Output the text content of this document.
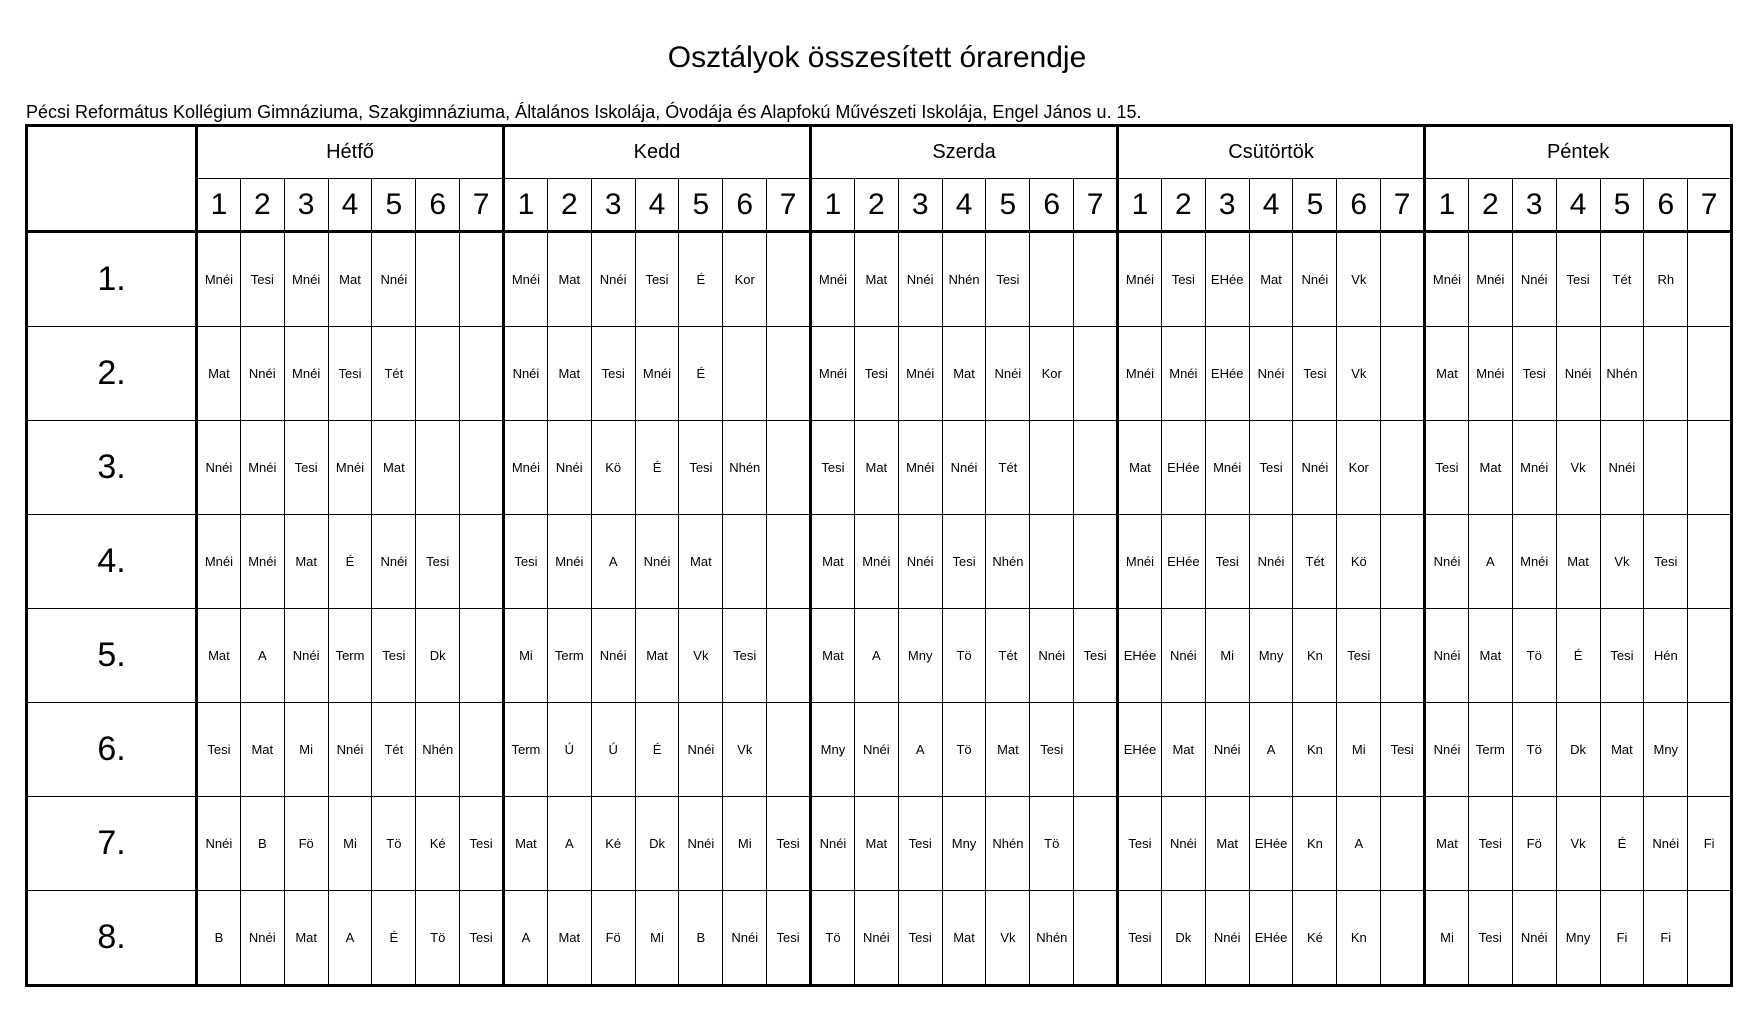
Osztályok összesített órarendje
Pécsi Református Kollégium Gimnáziuma, Szakgimnáziuma, Általános Iskolája, Óvodája és Alapfokú Művészeti Iskolája, Engel János u. 15.
	Hétfő							Kedd							Szerda							Csütörtök							Péntek						
	1	2	3	4	5	6	7	1	2	3	4	5	6	7	1	2	3	4	5	6	7	1	2	3	4	5	6	7	1	2	3	4	5	6	7
1.	Mnéi	Tesi	Mnéi	Mat	Nnéi			Mnéi	Mat	Nnéi	Tesi	É	Kor		Mnéi	Mat	Nnéi	Nhén	Tesi			Mnéi	Tesi	EHée	Mat	Nnéi	Vk		Mnéi	Mnéi	Nnéi	Tesi	Tét	Rh	
2.	Mat	Nnéi	Mnéi	Tesi	Tét			Nnéi	Mat	Tesi	Mnéi	É			Mnéi	Tesi	Mnéi	Mat	Nnéi	Kor		Mnéi	Mnéi	EHée	Nnéi	Tesi	Vk		Mat	Mnéi	Tesi	Nnéi	Nhén		
3.	Nnéi	Mnéi	Tesi	Mnéi	Mat			Mnéi	Nnéi	Kö	É	Tesi	Nhén		Tesi	Mat	Mnéi	Nnéi	Tét			Mat	EHée	Mnéi	Tesi	Nnéi	Kor		Tesi	Mat	Mnéi	Vk	Nnéi		
4.	Mnéi	Mnéi	Mat	É	Nnéi	Tesi		Tesi	Mnéi	A	Nnéi	Mat			Mat	Mnéi	Nnéi	Tesi	Nhén			Mnéi	EHée	Tesi	Nnéi	Tét	Kö		Nnéi	A	Mnéi	Mat	Vk	Tesi	
5.	Mat	A	Nnéi	Term	Tesi	Dk		Mi	Term	Nnéi	Mat	Vk	Tesi		Mat	A	Mny	Tö	Tét	Nnéi	Tesi	EHée	Nnéi	Mi	Mny	Kn	Tesi		Nnéi	Mat	Tö	É	Tesi	Hén	
6.	Tesi	Mat	Mi	Nnéi	Tét	Nhén		Term	Ú	Ú	É	Nnéi	Vk		Mny	Nnéi	A	Tö	Mat	Tesi		EHée	Mat	Nnéi	A	Kn	Mi	Tesi	Nnéi	Term	Tö	Dk	Mat	Mny	
7.	Nnéi	B	Fö	Mi	Tö	Ké	Tesi	Mat	A	Ké	Dk	Nnéi	Mi	Tesi	Nnéi	Mat	Tesi	Mny	Nhén	Tö		Tesi	Nnéi	Mat	EHée	Kn	A		Mat	Tesi	Fö	Vk	É	Nnéi	Fi
8.	B	Nnéi	Mat	A	É	Tö	Tesi	A	Mat	Fö	Mi	B	Nnéi	Tesi	Tö	Nnéi	Tesi	Mat	Vk	Nhén		Tesi	Dk	Nnéi	EHée	Ké	Kn		Mi	Tesi	Nnéi	Mny	Fi	Fi	
